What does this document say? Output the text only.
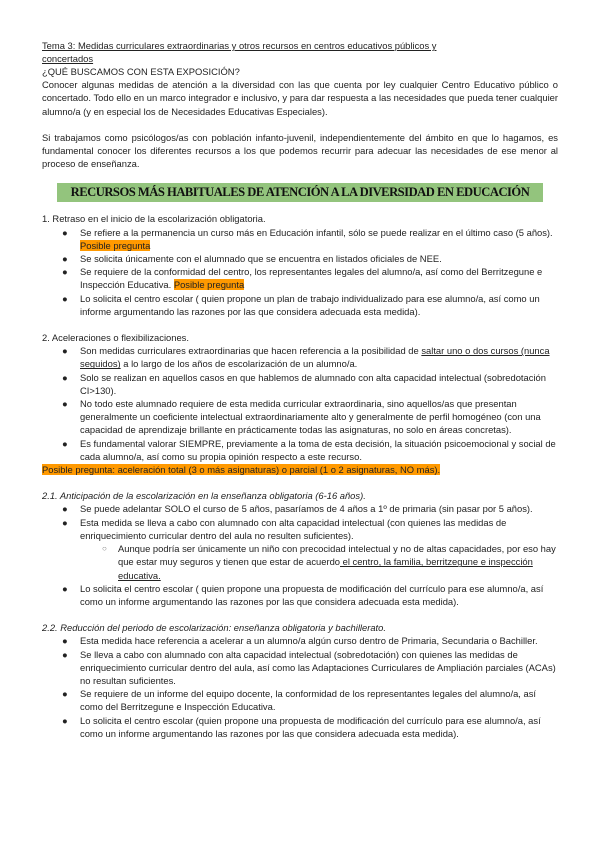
Tema 3: Medidas curriculares extraordinarias y otros recursos en centros educativos públicos y
concertados
¿QUÉ BUSCAMOS CON ESTA EXPOSICIÓN?

Conocer algunas medidas de atención a la diversidad con las que cuenta por ley cualquier Centro Educativo público o concertado. Todo ello en un marco integrador e inclusivo, y para dar respuesta a las necesidades que pueda tener cualquier alumno/a (y en especial los de Necesidades Educativas Especiales).

Si trabajamos como psicólogos/as con población infanto-juvenil, independientemente del ámbito en que lo hagamos, es fundamental conocer los diferentes recursos a los que podemos recurrir para adecuar las necesidades de ese menor al proceso de enseñanza.

RECURSOS MÁS HABITUALES DE ATENCIÓN A LA DIVERSIDAD EN EDUCACIÓN
1. Retraso en el inicio de la escolarización obligatoria.
● Se refiere a la permanencia un curso más en Educación infantil, sólo se puede realizar en el último caso (5 años). Posible pregunta
● Se solicita únicamente con el alumnado que se encuentra en listados oficiales de NEE.
● Se requiere de la conformidad del centro, los representantes legales del alumno/a, así como del Berritzegune e Inspección Educativa. Posible pregunta
● Lo solicita el centro escolar ( quien propone un plan de trabajo individualizado para ese alumno/a, así como un informe argumentando las razones por las que considera adecuada esta medida).
2. Aceleraciones o flexibilizaciones.
● Son medidas curriculares extraordinarias que hacen referencia a la posibilidad de saltar uno o dos cursos (nunca seguidos) a lo largo de los años de escolarización de un alumno/a.
● Solo se realizan en aquellos casos en que hablemos de alumnado con alta capacidad intelectual (sobredotación CI>130).
● No todo este alumnado requiere de esta medida curricular extraordinaria, sino aquellos/as que presentan generalmente un coeficiente intelectual extraordinariamente alto y generalmente de perfil homogéneo (con una capacidad de aprendizaje brillante en prácticamente todas las asignaturas, no solo en áreas concretas).
● Es fundamental valorar SIEMPRE, previamente a la toma de esta decisión, la situación psicoemocional y social de cada alumno/a, así como su propia opinión respecto a este recurso.
Posible pregunta: aceleración total (3 o más asignaturas) o parcial (1 o 2 asignaturas, NO más).
2.1. Anticipación de la escolarización en la enseñanza obligatoria (6-16 años).
● Se puede adelantar SOLO el curso de 5 años, pasaríamos de 4 años a 1º de primaria (sin pasar por 5 años).
● Esta medida se lleva a cabo con alumnado con alta capacidad intelectual (con quienes las medidas de enriquecimiento curricular dentro del aula no resulten suficientes).
○ Aunque podría ser únicamente un niño con precocidad intelectual y no de altas capacidades, por eso hay que estar muy seguros y tienen que estar de acuerdo el centro, la familia, berritzegune e inspección educativa.
● Lo solicita el centro escolar ( quien propone una propuesta de modificación del currículo para ese alumno/a, así como un informe argumentando las razones por las que considera adecuada esta medida).
2.2. Reducción del periodo de escolarización: enseñanza obligatoria y bachillerato.
● Esta medida hace referencia a acelerar a un alumno/a algún curso dentro de Primaria, Secundaria o Bachiller.
● Se lleva a cabo con alumnado con alta capacidad intelectual (sobredotación) con quienes las medidas de enriquecimiento curricular dentro del aula, así como las Adaptaciones Curriculares de Ampliación parciales (ACAs) no resultan suficientes.
● Se requiere de un informe del equipo docente, la conformidad de los representantes legales del alumno/a, así como del Berritzegune e Inspección Educativa.
● Lo solicita el centro escolar (quien propone una propuesta de modificación del currículo para ese alumno/a, así como un informe argumentando las razones por las que considera adecuada esta medida).
